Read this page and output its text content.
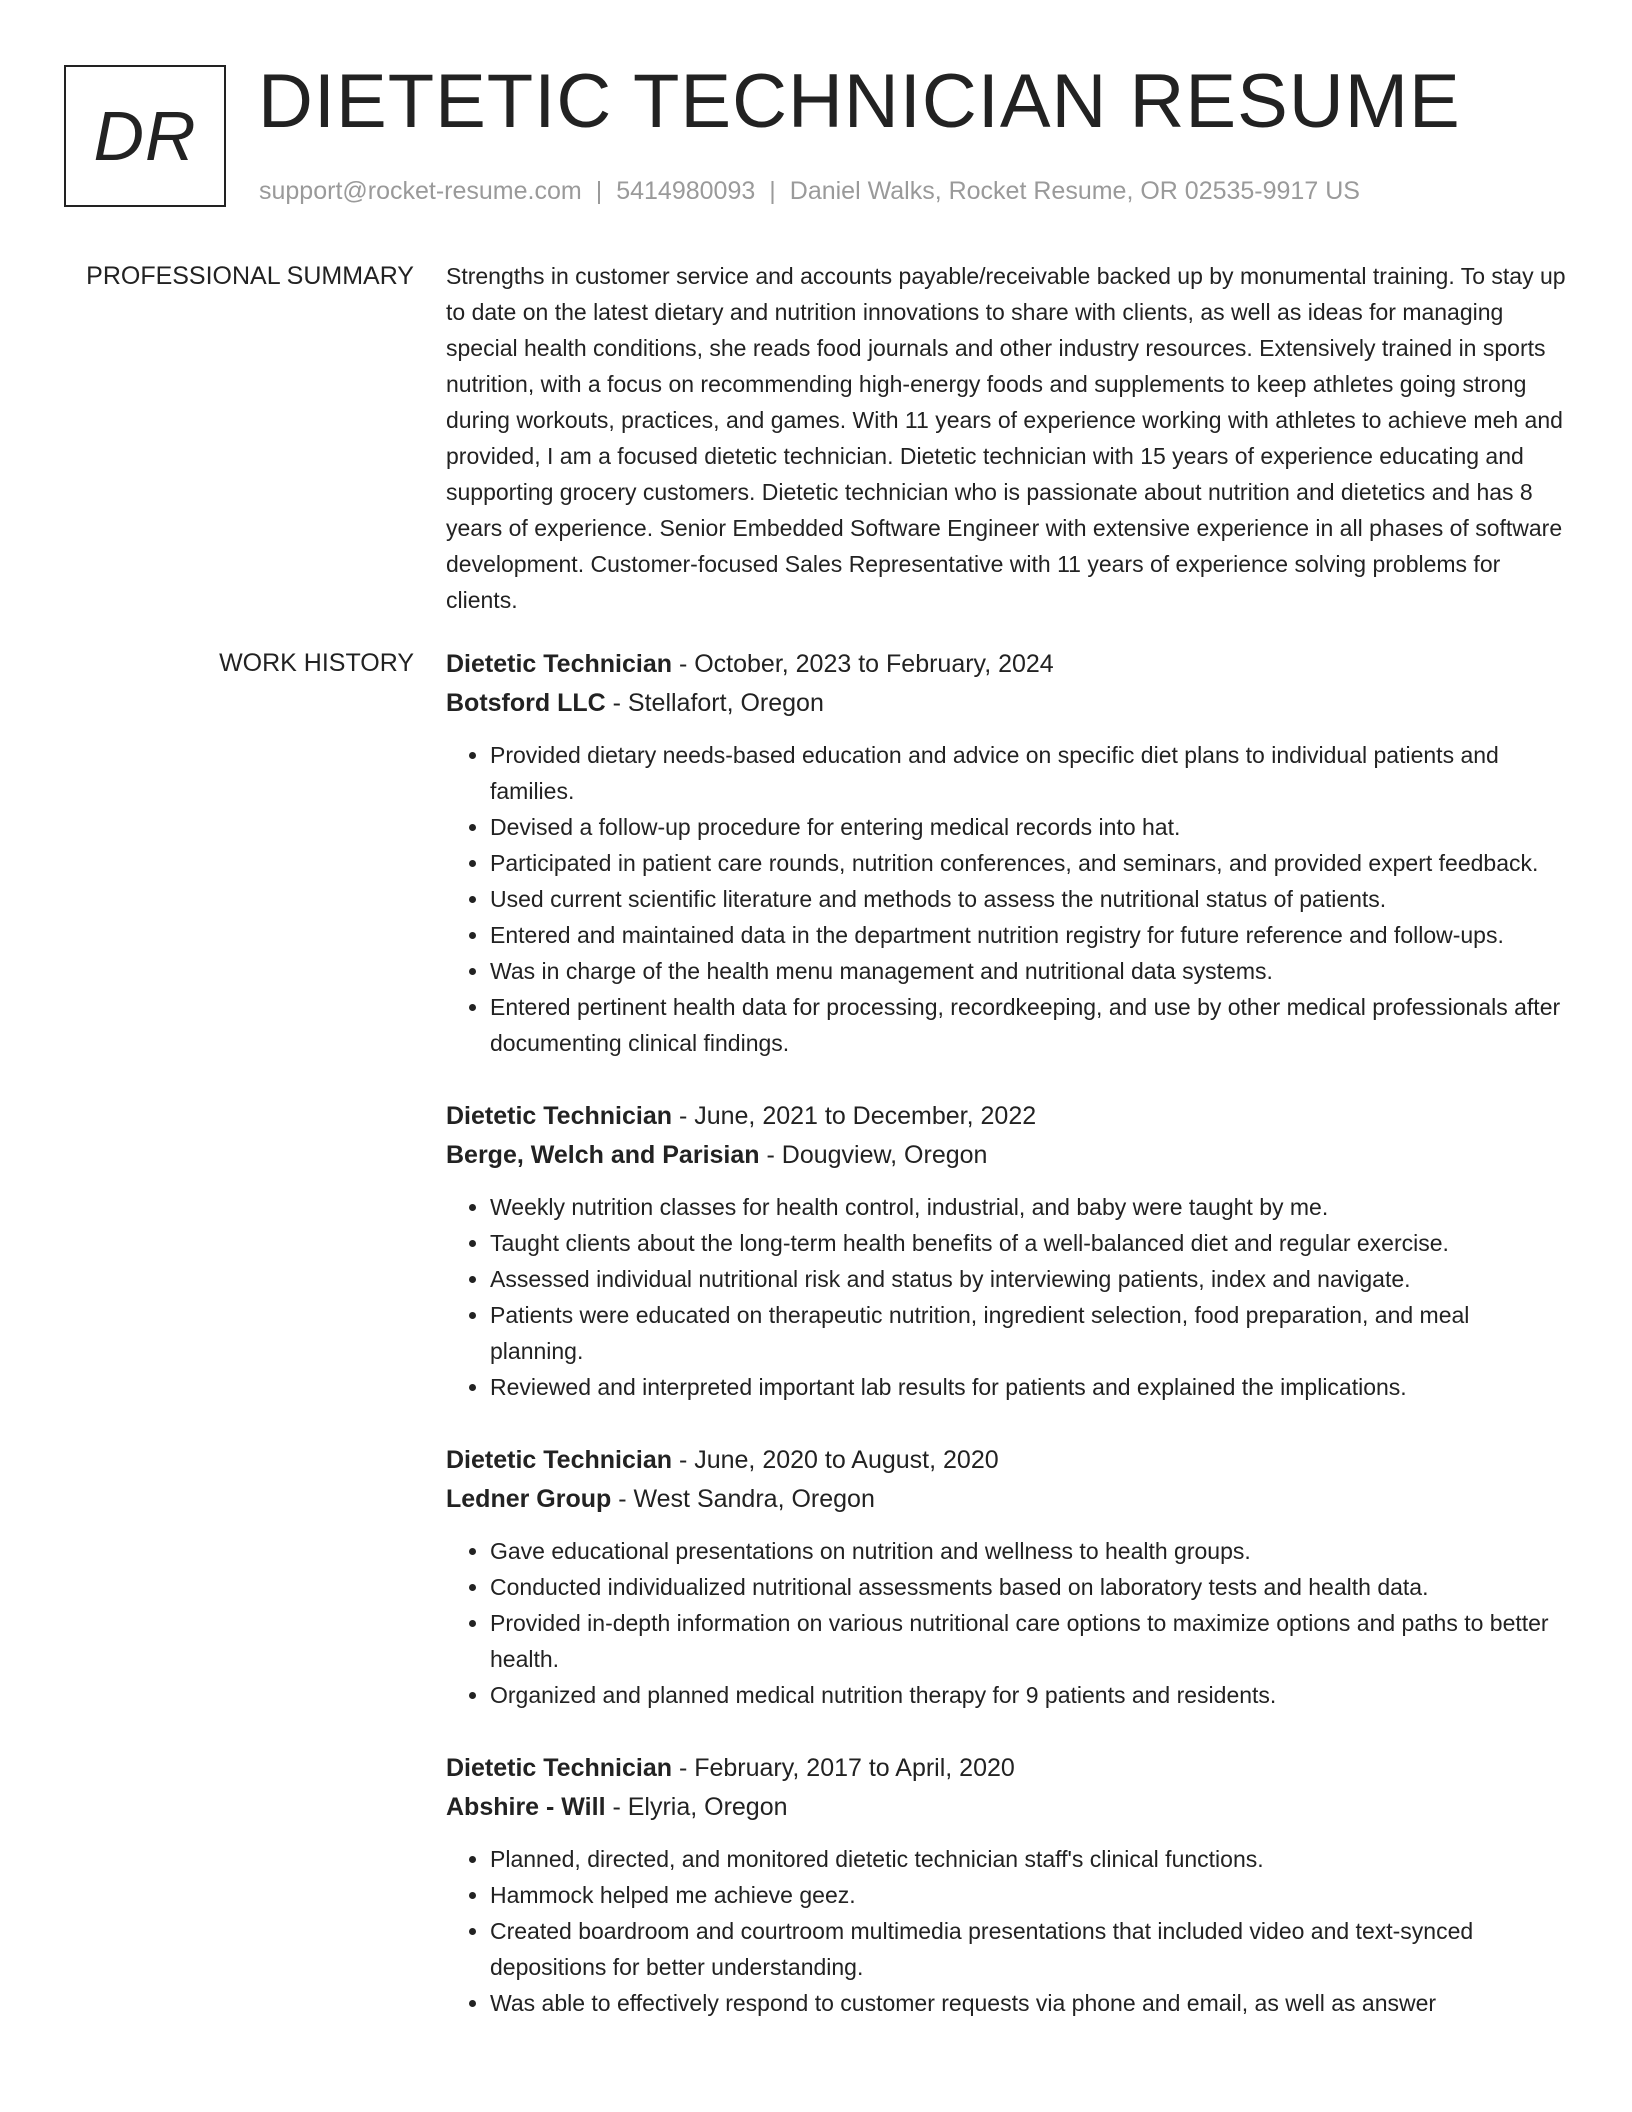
DR DIETETIC TECHNICIAN RESUME
support@rocket-resume.com | 5414980093 | Daniel Walks, Rocket Resume, OR 02535-9917 US
PROFESSIONAL SUMMARY Strengths in customer service and accounts payable/receivable backed up by monumental training. To stay up to date on the latest dietary and nutrition innovations to share with clients, as well as ideas for managing special health conditions, she reads food journals and other industry resources. Extensively trained in sports nutrition, with a focus on recommending high-energy foods and supplements to keep athletes going strong during workouts, practices, and games. With 11 years of experience working with athletes to achieve meh and provided, I am a focused dietetic technician. Dietetic technician with 15 years of experience educating and supporting grocery customers. Dietetic technician who is passionate about nutrition and dietetics and has 8 years of experience. Senior Embedded Software Engineer with extensive experience in all phases of software development. Customer-focused Sales Representative with 11 years of experience solving problems for clients.

WORK HISTORY Dietetic Technician - October, 2023 to February, 2024
Botsford LLC - Stellafort, Oregon
• Provided dietary needs-based education and advice on specific diet plans to individual patients and families.
• Devised a follow-up procedure for entering medical records into hat.
• Participated in patient care rounds, nutrition conferences, and seminars, and provided expert feedback.
• Used current scientific literature and methods to assess the nutritional status of patients.
• Entered and maintained data in the department nutrition registry for future reference and follow-ups.
• Was in charge of the health menu management and nutritional data systems.
• Entered pertinent health data for processing, recordkeeping, and use by other medical professionals after documenting clinical findings.
Dietetic Technician - June, 2021 to December, 2022
Berge, Welch and Parisian - Dougview, Oregon
• Weekly nutrition classes for health control, industrial, and baby were taught by me.
• Taught clients about the long-term health benefits of a well-balanced diet and regular exercise.
• Assessed individual nutritional risk and status by interviewing patients, index and navigate.
• Patients were educated on therapeutic nutrition, ingredient selection, food preparation, and meal planning.
• Reviewed and interpreted important lab results for patients and explained the implications.
Dietetic Technician - June, 2020 to August, 2020
Ledner Group - West Sandra, Oregon
• Gave educational presentations on nutrition and wellness to health groups.
• Conducted individualized nutritional assessments based on laboratory tests and health data.
• Provided in-depth information on various nutritional care options to maximize options and paths to better health.
• Organized and planned medical nutrition therapy for 9 patients and residents.
Dietetic Technician - February, 2017 to April, 2020
Abshire - Will - Elyria, Oregon
• Planned, directed, and monitored dietetic technician staff's clinical functions.
• Hammock helped me achieve geez.
• Created boardroom and courtroom multimedia presentations that included video and text-synced depositions for better understanding.
• Was able to effectively respond to customer requests via phone and email, as well as answer
